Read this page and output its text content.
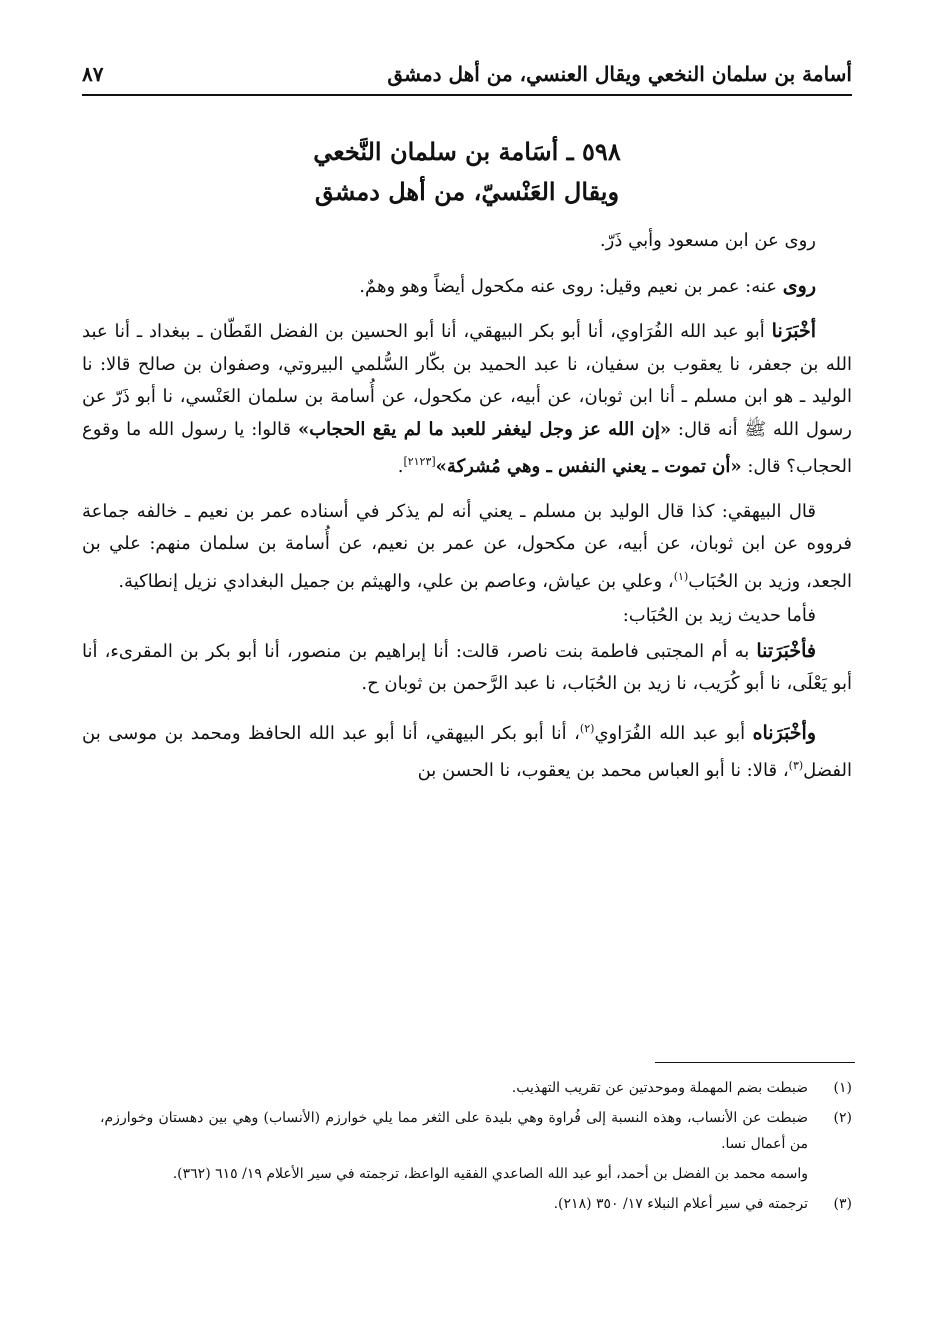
أسامة بن سلمان النخعي ويقال العنسي، من أهل دمشق
٨٧
٥٩٨ ـ أسَامة بن سلمان النَّخعي
ويقال العَنْسيّ، من أهل دمشق

روى عن ابن مسعود وأبي ذَرّ.

روى عنه: عمر بن نعيم وقيل: روى عنه مكحول أيضاً وهو وهمٌ.

أخْبَرَنا أبو عبد الله الفُرَاوي، أنا أبو بكر البيهقي، أنا أبو الحسين بن الفضل القَطّان ـ ببغداد ـ أنا عبد الله بن جعفر، نا يعقوب بن سفيان، نا عبد الحميد بن بكّار السُّلمي البيروتي، وصفوان بن صالح قالا: نا الوليد ـ هو ابن مسلم ـ أنا ابن ثوبان، عن أبيه، عن مكحول، عن أُسامة بن سلمان العَنْسي، نا أبو ذَرّ عن رسول الله ﷺ أنه قال: «إن الله عز وجل ليغفر للعبد ما لم يقع الحجاب» قالوا: يا رسول الله ما وقوع الحجاب؟ قال: «أن تموت ـ يعني النفس ـ وهي مُشركة»[٢١٢٣].

قال البيهقي: كذا قال الوليد بن مسلم ـ يعني أنه لم يذكر في أسناده عمر بن نعيم ـ خالفه جماعة فرووه عن ابن ثوبان، عن أبيه، عن مكحول، عن عمر بن نعيم، عن أُسامة بن سلمان منهم: علي بن الجعد، وزيد بن الحُبَاب$^{(١)}$، وعلي بن عياش، وعاصم بن علي، والهيثم بن جميل البغدادي نزيل إنطاكية.

فأما حديث زيد بن الحُبَاب:

فأخْبَرَتنا به أم المجتبى فاطمة بنت ناصر، قالت: أنا إبراهيم بن منصور، أنا أبو بكر بن المقرىء، أنا أبو يَعْلَى، نا أبو كُرَيب، نا زيد بن الحُبَاب، نا عبد الرَّحمن بن ثوبان ح.

وأخْبَرَناه أبو عبد الله الفُرَاوي$^{(٢)}$، أنا أبو بكر البيهقي، أنا أبو عبد الله الحافظ ومحمد بن موسى بن الفضل$^{(٣)}$، قالا: نا أبو العباس محمد بن يعقوب، نا الحسن بن

(١)
ضبطت بضم المهملة وموحدتين عن تقريب التهذيب.
(٢)
ضبطت عن الأنساب، وهذه النسبة إلى فُراوة وهي بليدة على الثغر مما يلي خوارزم (الأنساب) وهي بين دهستان وخوارزم، من أعمال نسا.
واسمه محمد بن الفضل بن أحمد، أبو عبد الله الصاعدي الفقيه الواعظ، ترجمته في سير الأعلام ١٩/ ٦١٥ (٣٦٢).
(٣)
ترجمته في سير أعلام النبلاء ١٧/ ٣٥٠ (٢١٨).
